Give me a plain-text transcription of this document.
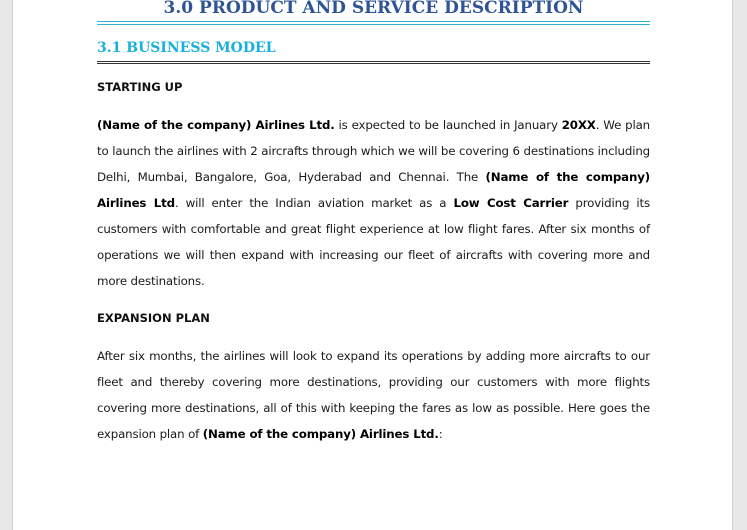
3.0 PRODUCT AND SERVICE DESCRIPTION
3.1 BUSINESS MODEL
STARTING UP

(Name of the company) Airlines Ltd. is expected to be launched in January 20XX. We plan to launch the airlines with 2 aircrafts through which we will be covering 6 destinations including Delhi, Mumbai, Bangalore, Goa, Hyderabad and Chennai. The (Name of the company) Airlines Ltd. will enter the Indian aviation market as a Low Cost Carrier providing its customers with comfortable and great flight experience at low flight fares. After six months of operations we will then expand with increasing our fleet of aircrafts with covering more and more destinations.

EXPANSION PLAN

After six months, the airlines will look to expand its operations by adding more aircrafts to our fleet and thereby covering more destinations, providing our customers with more flights covering more destinations, all of this with keeping the fares as low as possible. Here goes the expansion plan of (Name of the company) Airlines Ltd.:
